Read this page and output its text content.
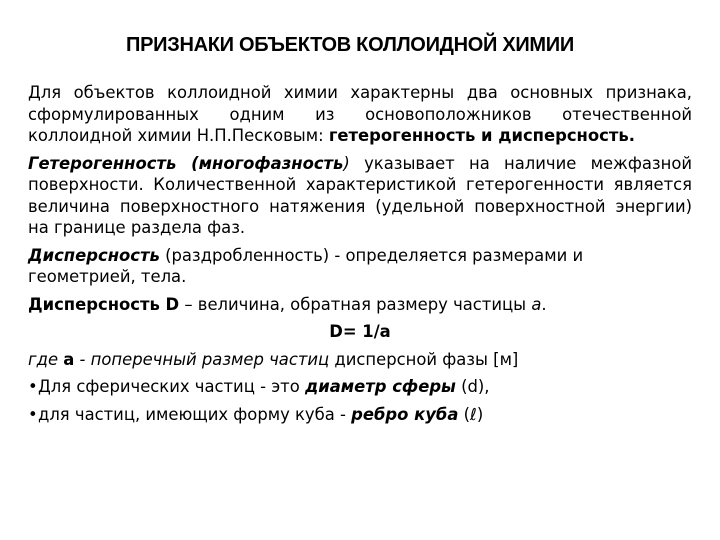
ПРИЗНАКИ ОБЪЕКТОВ КОЛЛОИДНОЙ ХИМИИ

Для объектов коллоидной химии характерны два основных признака, сформулированных одним из основоположников отечественной коллоидной химии Н.П.Песковым: гетерогенность и дисперсность.

Гетерогенность (многофазность) указывает на наличие межфазной поверхности. Количественной характеристикой гетерогенности является величина поверхностного натяжения (удельной поверхностной энергии) на границе раздела фаз.

Дисперсность (раздробленность) - определяется размерами и геометрией, тела.

Дисперсность D – величина, обратная размеру частицы a.

D= 1/a

где a - поперечный размер частиц дисперсной фазы [м]

• Для сферических частиц - это диаметр сферы (d),
• для частиц, имеющих форму куба - ребро куба (ℓ)
